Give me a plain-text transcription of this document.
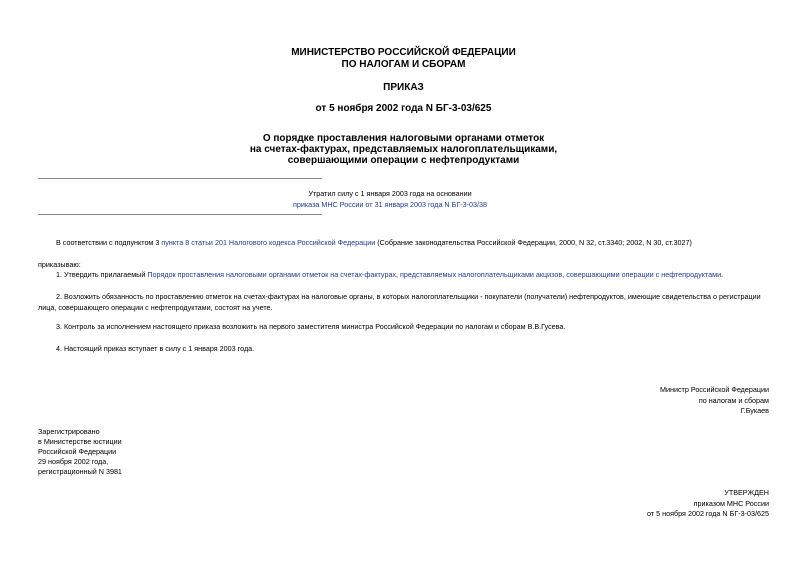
МИНИСТЕРСТВО РОССИЙСКОЙ ФЕДЕРАЦИИ
ПО НАЛОГАМ И СБОРАМ
ПРИКАЗ
от 5 ноября 2002 года N БГ-3-03/625
О порядке проставления налоговыми органами отметок
на счетах-фактурах, представляемых налогоплательщиками,
совершающими операции с нефтепродуктами
Утратил силу с 1 января 2003 года на основании
приказа МНС России от 31 января 2003 года N БГ-3-03/38
В соответствии с подпунктом 3 пункта 8 статьи 201 Налогового кодекса Российской Федерации (Собрание законодательства Российской Федерации, 2000, N 32, ст.3340; 2002, N 30, ст.3027)
приказываю:
1. Утвердить прилагаемый Порядок проставления налоговыми органами отметок на счетах-фактурах, представляемых налогоплательщиками акцизов, совершающими операции с нефтепродуктами.
2. Возложить обязанность по проставлению отметок на счетах-фактурах на налоговые органы, в которых налогоплательщики - покупатели (получатели) нефтепродуктов, имеющие свидетельства о регистрации
лица, совершающего операции с нефтепродуктами, состоят на учете.
3. Контроль за исполнением настоящего приказа возложить на первого заместителя министра Российской Федерации по налогам и сборам В.В.Гусева.
4. Настоящий приказ вступает в силу с 1 января 2003 года.
Министр Российской Федерации
по налогам и сборам
Г.Букаев
Зарегистрировано
в Министерстве юстиции
Российской Федерации
29 ноября 2002 года,
регистрационный N 3981
УТВЕРЖДЕН
приказом МНС России
от 5 ноября 2002 года N БГ-3-03/625
